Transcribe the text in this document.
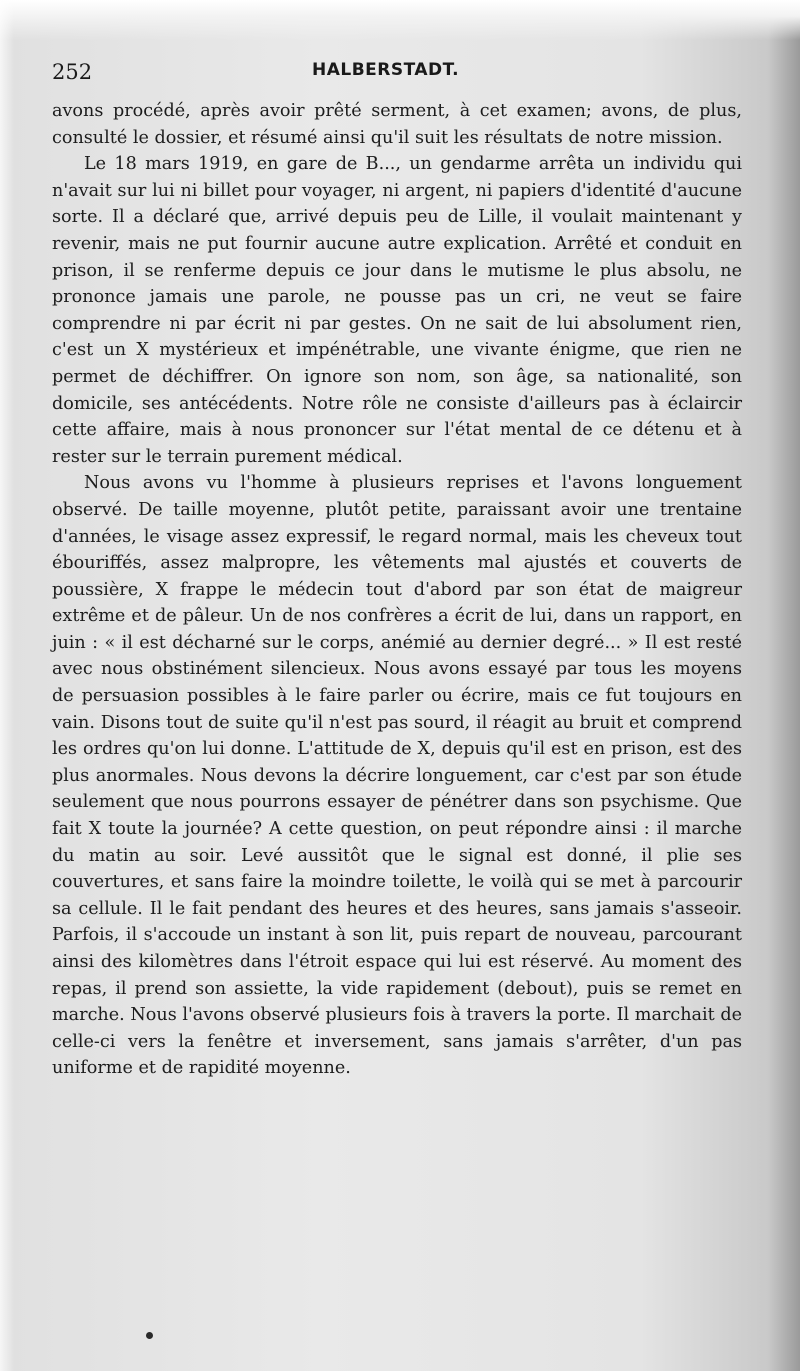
252	HALBERSTADT.

avons procédé, après avoir prêté serment, à cet examen; avons, de plus, consulté le dossier, et résumé ainsi qu'il suit les résultats de notre mission.

Le 18 mars 1919, en gare de B..., un gendarme arrêta un individu qui n'avait sur lui ni billet pour voyager, ni argent, ni papiers d'identité d'aucune sorte. Il a déclaré que, arrivé depuis peu de Lille, il voulait maintenant y revenir, mais ne put fournir aucune autre explication. Arrêté et conduit en prison, il se renferme depuis ce jour dans le mutisme le plus absolu, ne prononce jamais une parole, ne pousse pas un cri, ne veut se faire comprendre ni par écrit ni par gestes. On ne sait de lui absolument rien, c'est un X mystérieux et impénétrable, une vivante énigme, que rien ne permet de déchiffrer. On ignore son nom, son âge, sa nationalité, son domicile, ses antécédents. Notre rôle ne consiste d'ailleurs pas à éclaircir cette affaire, mais à nous prononcer sur l'état mental de ce détenu et à rester sur le terrain purement médical.

Nous avons vu l'homme à plusieurs reprises et l'avons longuement observé. De taille moyenne, plutôt petite, paraissant avoir une trentaine d'années, le visage assez expressif, le regard normal, mais les cheveux tout ébouriffés, assez malpropre, les vêtements mal ajustés et couverts de poussière, X frappe le médecin tout d'abord par son état de maigreur extrême et de pâleur. Un de nos confrères a écrit de lui, dans un rapport, en juin : « il est décharné sur le corps, anémié au dernier degré... » Il est resté avec nous obstinément silencieux. Nous avons essayé par tous les moyens de persuasion possibles à le faire parler ou écrire, mais ce fut toujours en vain. Disons tout de suite qu'il n'est pas sourd, il réagit au bruit et comprend les ordres qu'on lui donne. L'attitude de X, depuis qu'il est en prison, est des plus anormales. Nous devons la décrire longuement, car c'est par son étude seulement que nous pourrons essayer de pénétrer dans son psychisme. Que fait X toute la journée? A cette question, on peut répondre ainsi : il marche du matin au soir. Levé aussitôt que le signal est donné, il plie ses couvertures, et sans faire la moindre toilette, le voilà qui se met à parcourir sa cellule. Il le fait pendant des heures et des heures, sans jamais s'asseoir. Parfois, il s'accoude un instant à son lit, puis repart de nouveau, parcourant ainsi des kilomètres dans l'étroit espace qui lui est réservé. Au moment des repas, il prend son assiette, la vide rapidement (debout), puis se remet en marche. Nous l'avons observé plusieurs fois à travers la porte. Il marchait de celle-ci vers la fenêtre et inversement, sans jamais s'arrêter, d'un pas uniforme et de rapidité moyenne.
